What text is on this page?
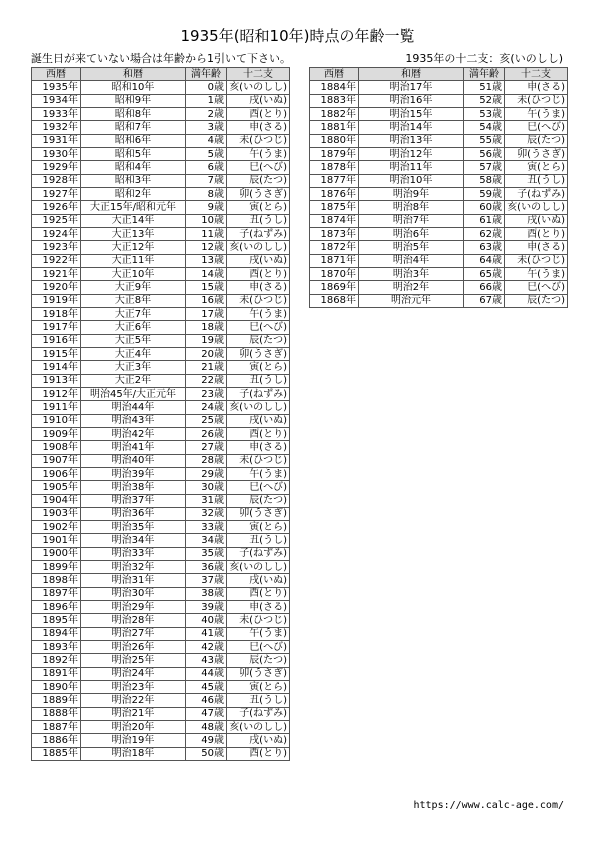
1935年(昭和10年)時点の年齢一覧
誕生日が来ていない場合は年齢から1引いて下さい。	1935年の十二支：亥(いのしし)
西暦	和暦	満年齢	十二支
1935年	昭和10年	0歳	亥(いのしし)
1934年	昭和9年	1歳	戌(いぬ)
1933年	昭和8年	2歳	酉(とり)
1932年	昭和7年	3歳	申(さる)
1931年	昭和6年	4歳	未(ひつじ)
1930年	昭和5年	5歳	午(うま)
1929年	昭和4年	6歳	巳(へび)
1928年	昭和3年	7歳	辰(たつ)
1927年	昭和2年	8歳	卯(うさぎ)
1926年	大正15年/昭和元年	9歳	寅(とら)
1925年	大正14年	10歳	丑(うし)
1924年	大正13年	11歳	子(ねずみ)
1923年	大正12年	12歳	亥(いのしし)
1922年	大正11年	13歳	戌(いぬ)
1921年	大正10年	14歳	酉(とり)
1920年	大正9年	15歳	申(さる)
1919年	大正8年	16歳	未(ひつじ)
1918年	大正7年	17歳	午(うま)
1917年	大正6年	18歳	巳(へび)
1916年	大正5年	19歳	辰(たつ)
1915年	大正4年	20歳	卯(うさぎ)
1914年	大正3年	21歳	寅(とら)
1913年	大正2年	22歳	丑(うし)
1912年	明治45年/大正元年	23歳	子(ねずみ)
1911年	明治44年	24歳	亥(いのしし)
1910年	明治43年	25歳	戌(いぬ)
1909年	明治42年	26歳	酉(とり)
1908年	明治41年	27歳	申(さる)
1907年	明治40年	28歳	未(ひつじ)
1906年	明治39年	29歳	午(うま)
1905年	明治38年	30歳	巳(へび)
1904年	明治37年	31歳	辰(たつ)
1903年	明治36年	32歳	卯(うさぎ)
1902年	明治35年	33歳	寅(とら)
1901年	明治34年	34歳	丑(うし)
1900年	明治33年	35歳	子(ねずみ)
1899年	明治32年	36歳	亥(いのしし)
1898年	明治31年	37歳	戌(いぬ)
1897年	明治30年	38歳	酉(とり)
1896年	明治29年	39歳	申(さる)
1895年	明治28年	40歳	未(ひつじ)
1894年	明治27年	41歳	午(うま)
1893年	明治26年	42歳	巳(へび)
1892年	明治25年	43歳	辰(たつ)
1891年	明治24年	44歳	卯(うさぎ)
1890年	明治23年	45歳	寅(とら)
1889年	明治22年	46歳	丑(うし)
1888年	明治21年	47歳	子(ねずみ)
1887年	明治20年	48歳	亥(いのしし)
1886年	明治19年	49歳	戌(いぬ)
1885年	明治18年	50歳	酉(とり)
西暦	和暦	満年齢	十二支
1884年	明治17年	51歳	申(さる)
1883年	明治16年	52歳	未(ひつじ)
1882年	明治15年	53歳	午(うま)
1881年	明治14年	54歳	巳(へび)
1880年	明治13年	55歳	辰(たつ)
1879年	明治12年	56歳	卯(うさぎ)
1878年	明治11年	57歳	寅(とら)
1877年	明治10年	58歳	丑(うし)
1876年	明治9年	59歳	子(ねずみ)
1875年	明治8年	60歳	亥(いのしし)
1874年	明治7年	61歳	戌(いぬ)
1873年	明治6年	62歳	酉(とり)
1872年	明治5年	63歳	申(さる)
1871年	明治4年	64歳	未(ひつじ)
1870年	明治3年	65歳	午(うま)
1869年	明治2年	66歳	巳(へび)
1868年	明治元年	67歳	辰(たつ)
https://www.calc-age.com/
